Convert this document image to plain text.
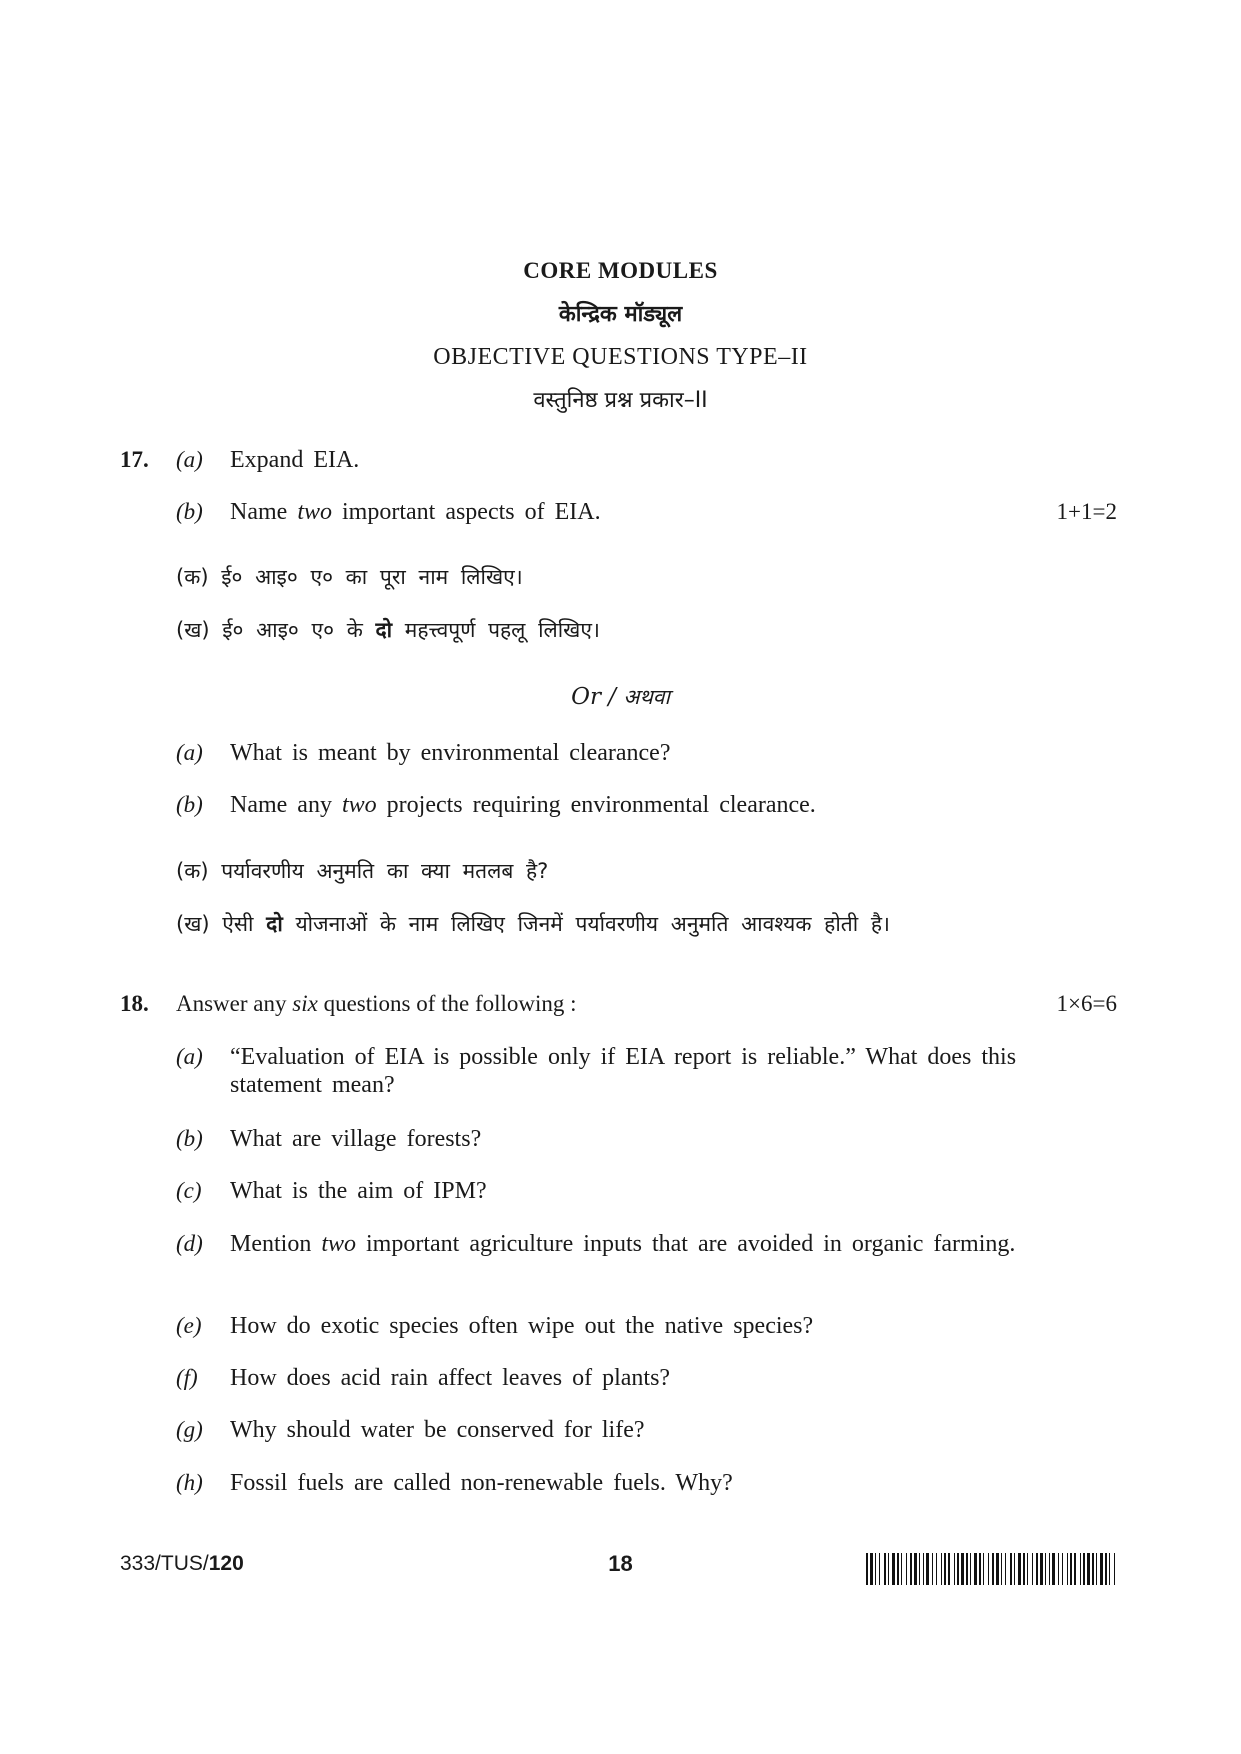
CORE MODULES
केन्द्रिक मॉड्यूल
OBJECTIVE QUESTIONS TYPE–II
वस्तुनिष्ठ प्रश्न प्रकार–II
17. (a) Expand EIA.
(b) Name two important aspects of EIA.	1+1=2
(क) ई० आइ० ए० का पूरा नाम लिखिए।
(ख) ई० आइ० ए० के दो महत्त्वपूर्ण पहलू लिखिए।
Or / अथवा
(a) What is meant by environmental clearance?
(b) Name any two projects requiring environmental clearance.
(क) पर्यावरणीय अनुमति का क्या मतलब है?
(ख) ऐसी दो योजनाओं के नाम लिखिए जिनमें पर्यावरणीय अनुमति आवश्यक होती है।
18. Answer any six questions of the following :	1×6=6
(a) “Evaluation of EIA is possible only if EIA report is reliable.” What does this statement mean?
(b) What are village forests?
(c) What is the aim of IPM?
(d) Mention two important agriculture inputs that are avoided in organic farming.
(e) How do exotic species often wipe out the native species?
(f) How does acid rain affect leaves of plants?
(g) Why should water be conserved for life?
(h) Fossil fuels are called non-renewable fuels. Why?
333/TUS/120	18
